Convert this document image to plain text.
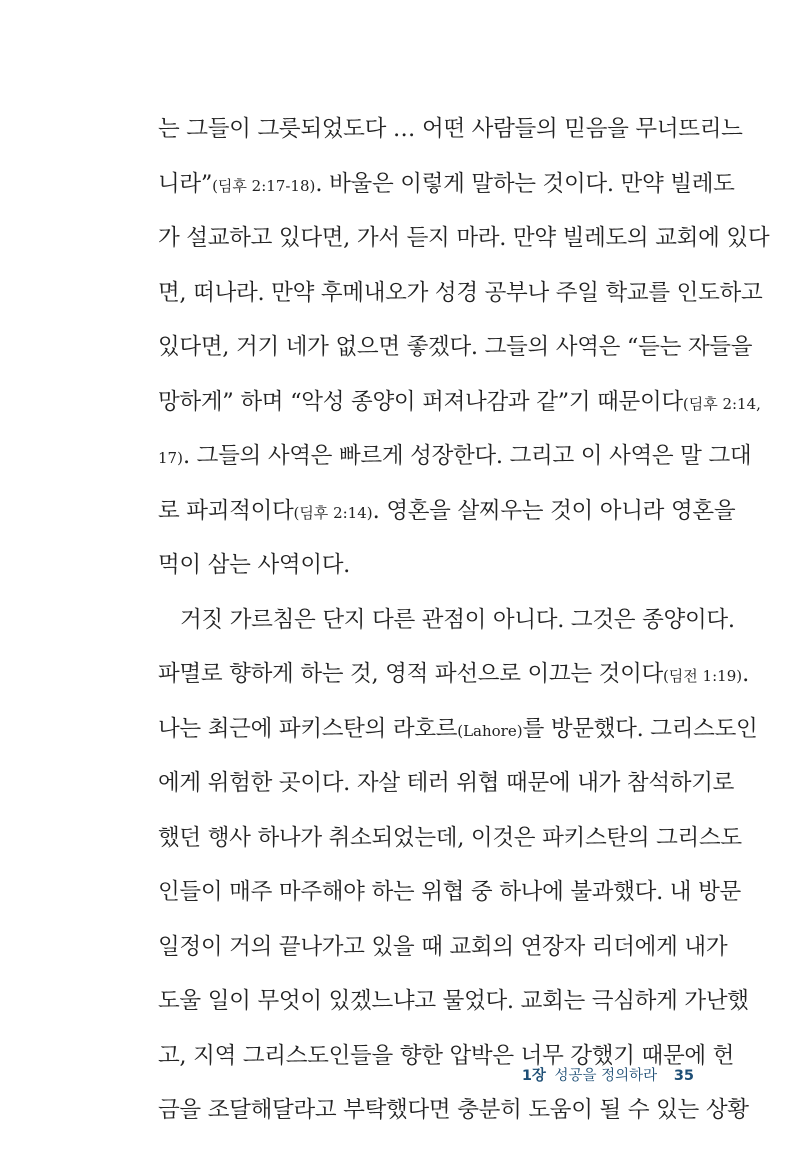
는 그들이 그릇되었도다 … 어떤 사람들의 믿음을 무너뜨리느
니라”(딤후 2:17-18). 바울은 이렇게 말하는 것이다. 만약 빌레도
가 설교하고 있다면, 가서 듣지 마라. 만약 빌레도의 교회에 있다
면, 떠나라. 만약 후메내오가 성경 공부나 주일 학교를 인도하고
있다면, 거기 네가 없으면 좋겠다. 그들의 사역은 “듣는 자들을
망하게” 하며 “악성 종양이 퍼져나감과 같”기 때문이다(딤후 2:14,
17). 그들의 사역은 빠르게 성장한다. 그리고 이 사역은 말 그대
로 파괴적이다(딤후 2:14). 영혼을 살찌우는 것이 아니라 영혼을
먹이 삼는 사역이다.
거짓 가르침은 단지 다른 관점이 아니다. 그것은 종양이다.
파멸로 향하게 하는 것, 영적 파선으로 이끄는 것이다(딤전 1:19).
나는 최근에 파키스탄의 라호르(Lahore)를 방문했다. 그리스도인
에게 위험한 곳이다. 자살 테러 위협 때문에 내가 참석하기로
했던 행사 하나가 취소되었는데, 이것은 파키스탄의 그리스도
인들이 매주 마주해야 하는 위협 중 하나에 불과했다. 내 방문
일정이 거의 끝나가고 있을 때 교회의 연장자 리더에게 내가
도울 일이 무엇이 있겠느냐고 물었다. 교회는 극심하게 가난했
고, 지역 그리스도인들을 향한 압박은 너무 강했기 때문에 헌
금을 조달해달라고 부탁했다면 충분히 도움이 될 수 있는 상황
1장 성공을 정의하라 35
